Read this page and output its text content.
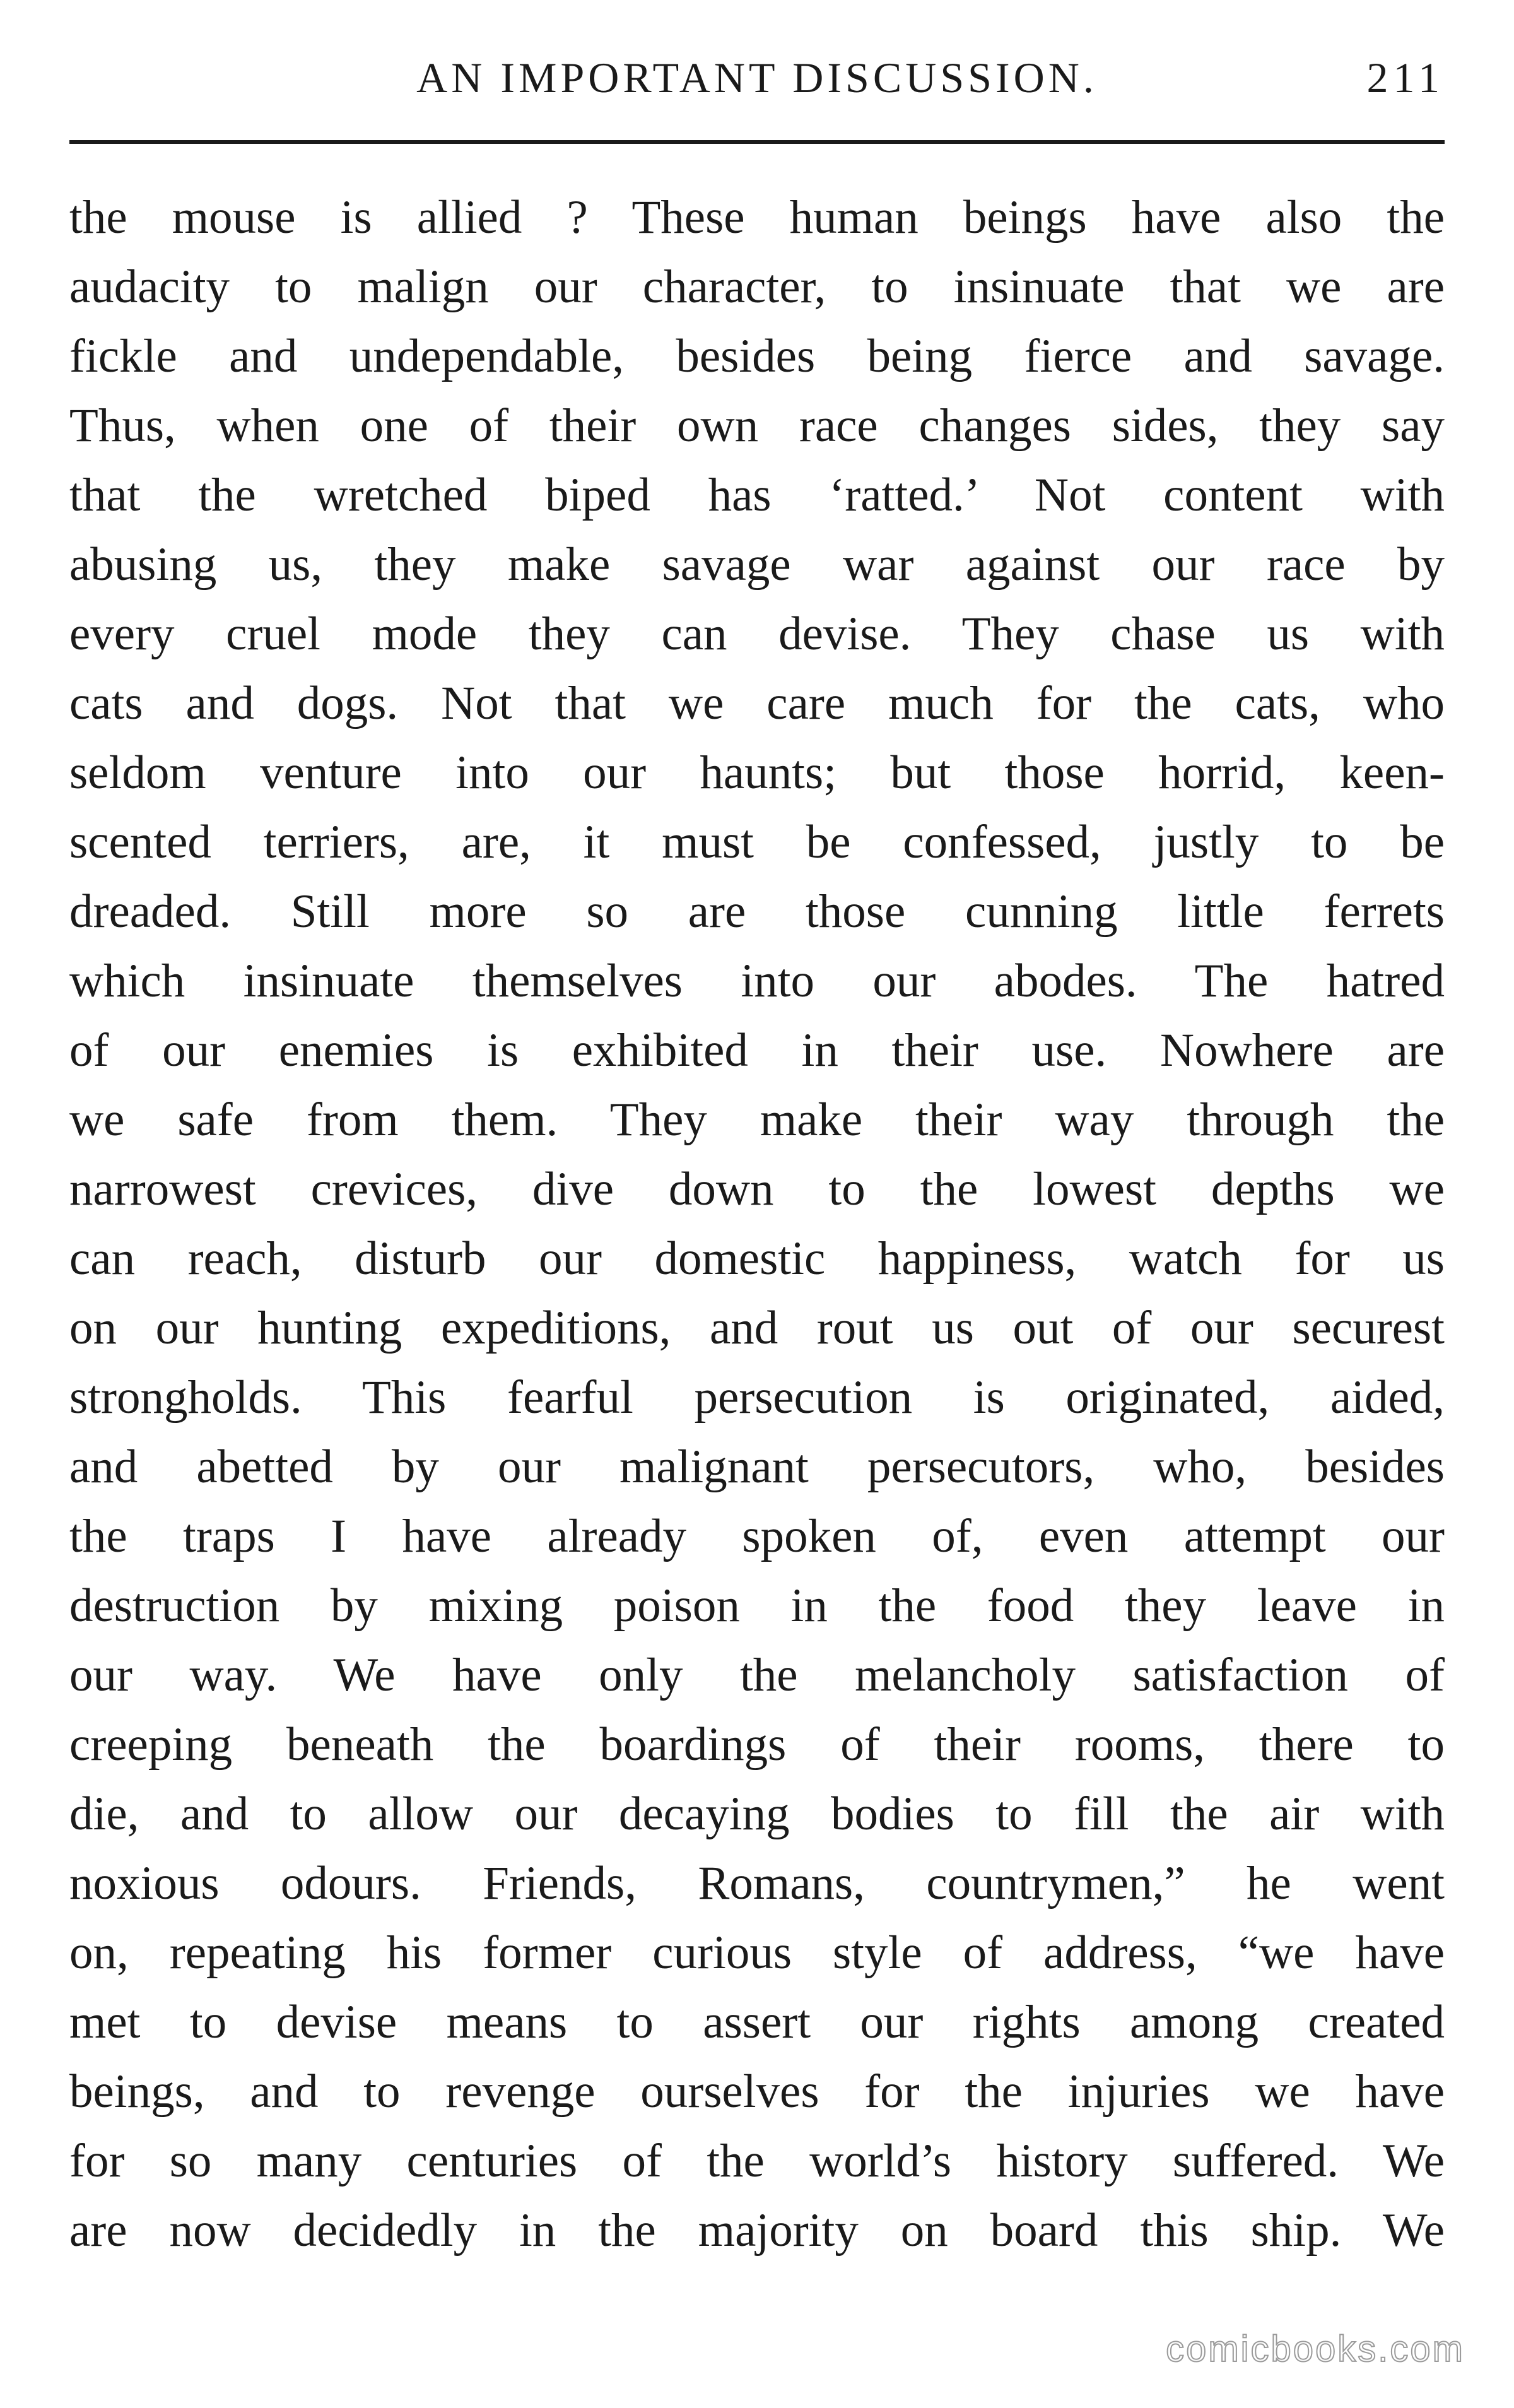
AN IMPORTANT DISCUSSION.	211
the mouse is allied ? These human beings have also the
audacity to malign our character, to insinuate that we are
fickle and undependable, besides being fierce and savage.
Thus, when one of their own race changes sides, they say
that the wretched biped has ‘ratted.’ Not content with
abusing us, they make savage war against our race by
every cruel mode they can devise. They chase us with
cats and dogs. Not that we care much for the cats, who
seldom venture into our haunts; but those horrid, keen-
scented terriers, are, it must be confessed, justly to be
dreaded. Still more so are those cunning little ferrets
which insinuate themselves into our abodes. The hatred
of our enemies is exhibited in their use. Nowhere are
we safe from them. They make their way through the
narrowest crevices, dive down to the lowest depths we
can reach, disturb our domestic happiness, watch for us
on our hunting expeditions, and rout us out of our securest
strongholds. This fearful persecution is originated, aided,
and abetted by our malignant persecutors, who, besides
the traps I have already spoken of, even attempt our
destruction by mixing poison in the food they leave in
our way. We have only the melancholy satisfaction of
creeping beneath the boardings of their rooms, there to
die, and to allow our decaying bodies to fill the air with
noxious odours. Friends, Romans, countrymen,” he went
on, repeating his former curious style of address, “we have
met to devise means to assert our rights among created
beings, and to revenge ourselves for the injuries we have
for so many centuries of the world’s history suffered. We
are now decidedly in the majority on board this ship. We
comicbooks.com
